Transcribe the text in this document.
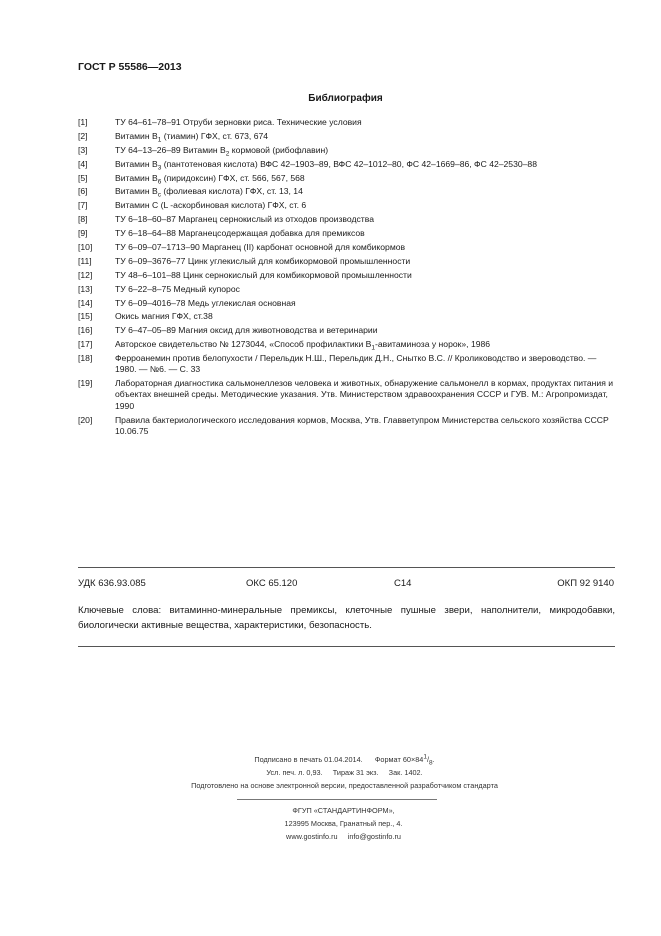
ГОСТ Р 55586—2013
Библиография
[1]	ТУ 64–61–78–91 Отруби зерновки риса. Технические условия
[2]	Витамин $В_1$ (тиамин) ГФХ, ст. 673, 674
[3]	ТУ 64–13–26–89 Витамин $В_2$ кормовой (рибофлавин)
[4]	Витамин $В_3$ (пантотеновая кислота) ВФС 42–1903–89, ВФС 42–1012–80, ФС 42–1669–86, ФС 42–2530–88
[5]	Витамин $В_6$ (пиридоксин) ГФХ, ст. 566, 567, 568
[6]	Витамин $В_c$ (фолиевая кислота) ГФХ, ст. 13, 14
[7]	Витамин С (L -аскорбиновая кислота) ГФХ, ст. 6
[8]	ТУ 6–18–60–87 Марганец сернокислый из отходов производства
[9]	ТУ 6–18–64–88 Марганецсодержащая добавка для премиксов
[10]	ТУ 6–09–07–1713–90 Марганец (II) карбонат основной для комбикормов
[11]	ТУ 6–09–3676–77 Цинк углекислый для комбикормовой промышленности
[12]	ТУ 48–6–101–88 Цинк сернокислый для комбикормовой промышленности
[13]	ТУ 6–22–8–75 Медный купорос
[14]	ТУ 6–09–4016–78 Медь углекислая основная
[15]	Окись магния ГФХ, ст.38
[16]	ТУ 6–47–05–89 Магния оксид для животноводства и ветеринарии
[17]	Авторское свидетельство № 1273044, «Способ профилактики $В_1$-авитаминоза у норок», 1986
[18]	Ферроанемин против белопухости / Перельдик Н.Ш., Перельдик Д.Н., Снытко В.С. // Кролиководство и звероводство. — 1980. — №6. — С. 33
[19]	Лабораторная диагностика сальмонеллезов человека и животных, обнаружение сальмонелл в кормах, продуктах питания и объектах внешней среды. Методические указания. Утв. Министерством здравоохранения СССР и ГУВ. М.: Агропромиздат, 1990
[20]	Правила бактериологического исследования кормов, Москва, Утв. Главветупром Министерства сельского хозяйства СССР 10.06.75
УДК 636.93.085	ОКС 65.120	С14	ОКП 92 9140
Ключевые слова: витаминно-минеральные премиксы, клеточные пушные звери, наполнители, микродобавки, биологически активные вещества, характеристики, безопасность.
Подписано в печать 01.04.2014. Формат $60\times 84^1/_8$.
Усл. печ. л. 0,93. Тираж 31 экз. Зак. 1402.
Подготовлено на основе электронной версии, предоставленной разработчиком стандарта
ФГУП «СТАНДАРТИНФОРМ»,
123995 Москва, Гранатный пер., 4.
www.gostinfo.ru info@gostinfo.ru
